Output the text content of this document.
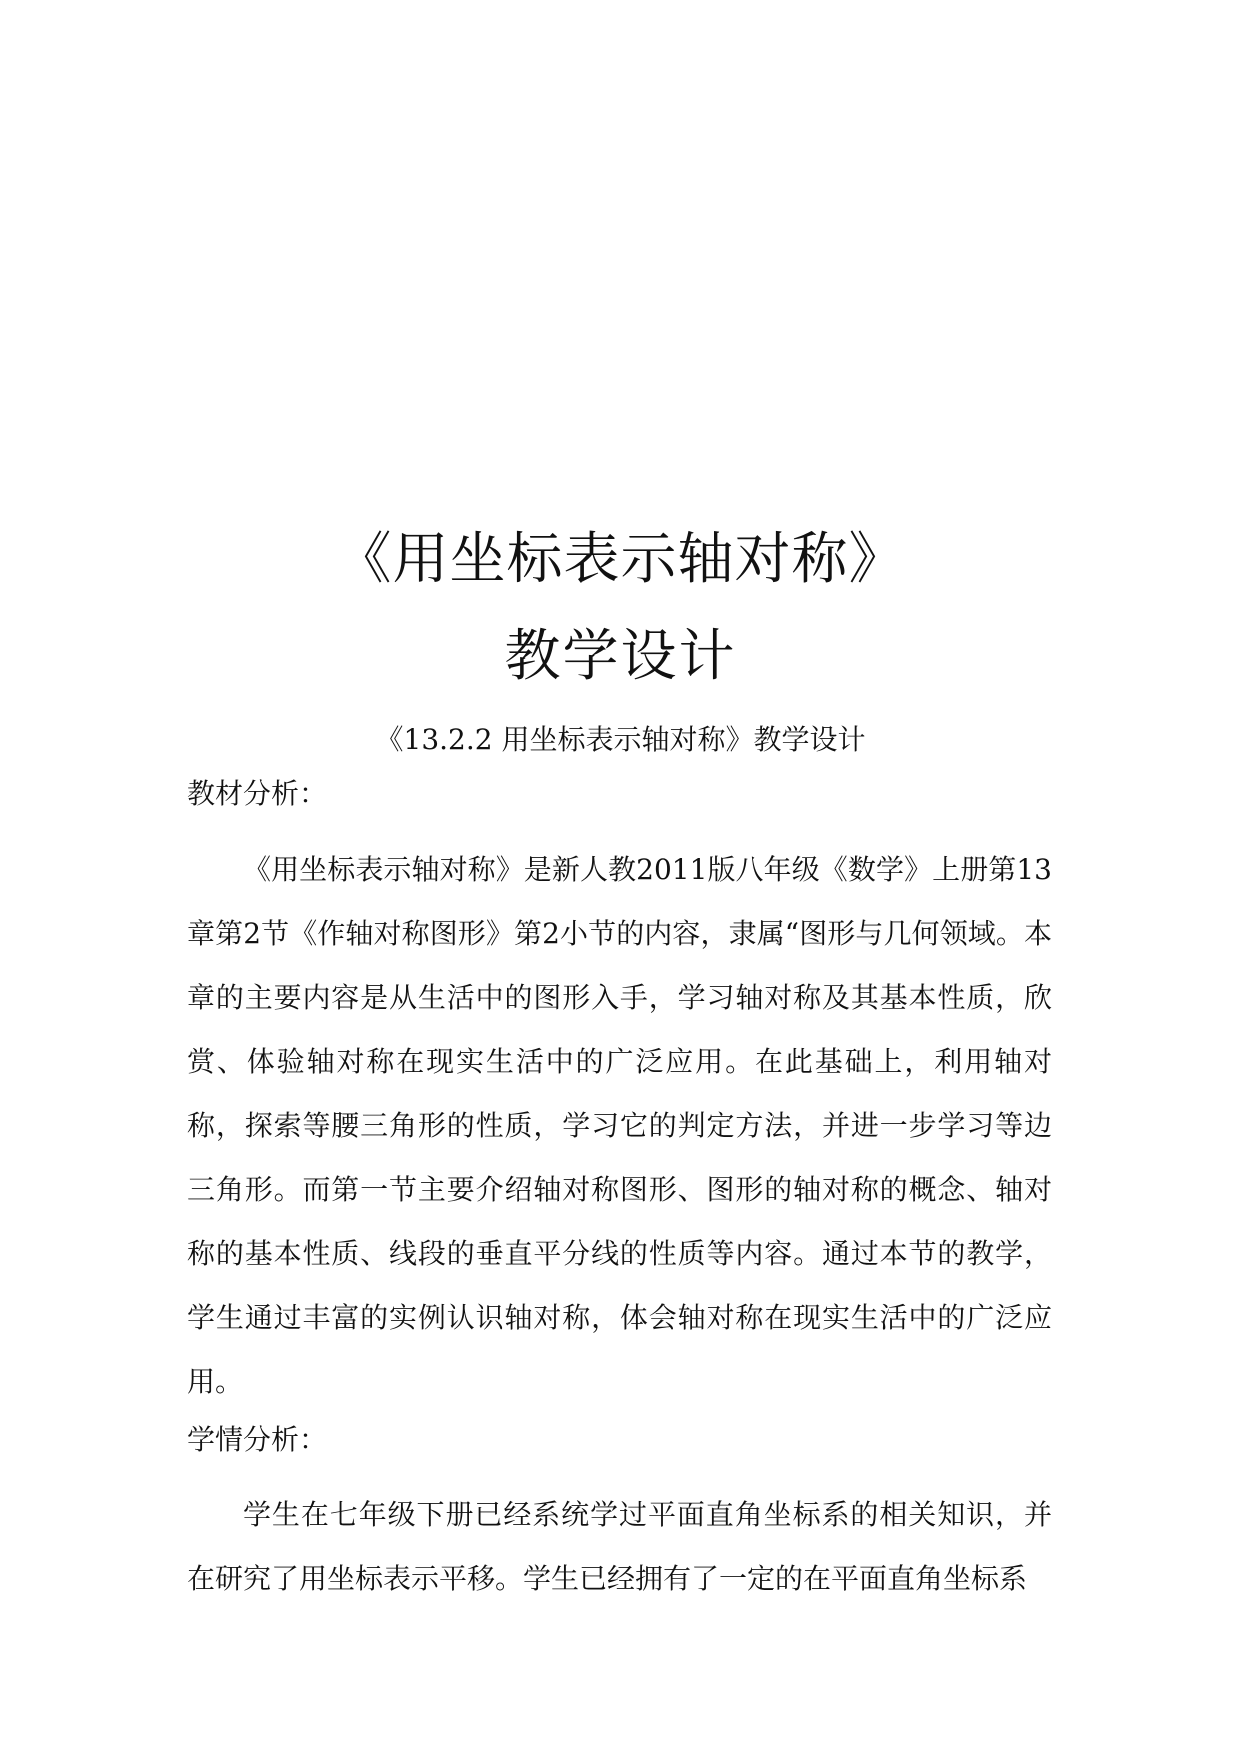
《用坐标表示轴对称》
教学设计
《13.2.2 用坐标表示轴对称》教学设计
教材分析：
《用坐标表示轴对称》是新人教2011版八年级《数学》上册第13章第2节《作轴对称图形》第2小节的内容，隶属“图形与几何领域。本章的主要内容是从生活中的图形入手，学习轴对称及其基本性质，欣赏、体验轴对称在现实生活中的广泛应用。在此基础上，利用轴对称，探索等腰三角形的性质，学习它的判定方法，并进一步学习等边三角形。而第一节主要介绍轴对称图形、图形的轴对称的概念、轴对称的基本性质、线段的垂直平分线的性质等内容。通过本节的教学，学生通过丰富的实例认识轴对称，体会轴对称在现实生活中的广泛应用。
学情分析：
学生在七年级下册已经系统学过平面直角坐标系的相关知识，并在研究了用坐标表示平移。学生已经拥有了一定的在平面直角坐标系
